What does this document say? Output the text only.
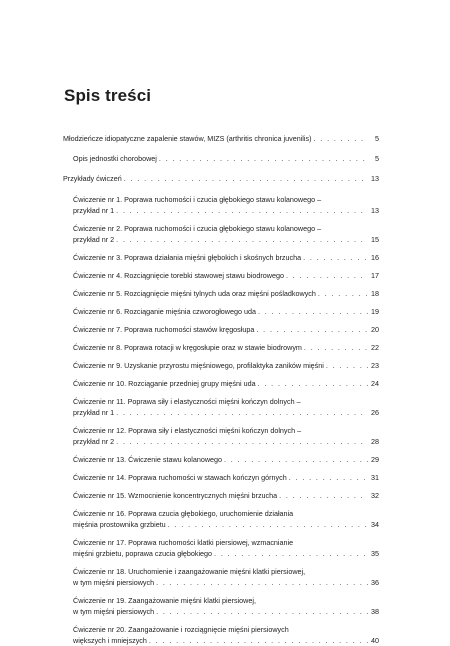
Spis treści
Młodzieńcze idiopatyczne zapalenie stawów, MIZS (arthritis chronica juvenilis) . . .	5
Opis jednostki chorobowej . . .	5
Przykłady ćwiczeń . . .	13
Ćwiczenie nr 1. Poprawa ruchomości i czucia głębokiego stawu kolanowego –
przykład nr 1 . . .	13
Ćwiczenie nr 2. Poprawa ruchomości i czucia głębokiego stawu kolanowego –
przykład nr 2 . . .	15
Ćwiczenie nr 3. Poprawa działania mięśni głębokich i skośnych brzucha . . .	16
Ćwiczenie nr 4. Rozciągnięcie torebki stawowej stawu biodrowego . . .	17
Ćwiczenie nr 5. Rozciągnięcie mięśni tylnych uda oraz mięśni pośladkowych . . .	18
Ćwiczenie nr 6. Rozciąganie mięśnia czworogłowego uda . . .	19
Ćwiczenie nr 7. Poprawa ruchomości stawów kręgosłupa . . .	20
Ćwiczenie nr 8. Poprawa rotacji w kręgosłupie oraz w stawie biodrowym . . .	22
Ćwiczenie nr 9. Uzyskanie przyrostu mięśniowego, profilaktyka zaników mięśni . . .	23
Ćwiczenie nr 10. Rozciąganie przedniej grupy mięśni uda . . .	24
Ćwiczenie nr 11. Poprawa siły i elastyczności mięśni kończyn dolnych –
przykład nr 1 . . .	26
Ćwiczenie nr 12. Poprawa siły i elastyczności mięśni kończyn dolnych –
przykład nr 2 . . .	28
Ćwiczenie nr 13. Ćwiczenie stawu kolanowego . . .	29
Ćwiczenie nr 14. Poprawa ruchomości w stawach kończyn górnych . . .	31
Ćwiczenie nr 15. Wzmocnienie koncentrycznych mięśni brzucha . . .	32
Ćwiczenie nr 16. Poprawa czucia głębokiego, uruchomienie działania
mięśnia prostownika grzbietu . . .	34
Ćwiczenie nr 17. Poprawa ruchomości klatki piersiowej, wzmacnianie
mięśni grzbietu, poprawa czucia głębokiego . . .	35
Ćwiczenie nr 18. Uruchomienie i zaangażowanie mięśni klatki piersiowej,
w tym mięśni piersiowych . . .	36
Ćwiczenie nr 19. Zaangażowanie mięśni klatki piersiowej,
w tym mięśni piersiowych . . .	38
Ćwiczenie nr 20. Zaangażowanie i rozciągnięcie mięśni piersiowych
większych i mniejszych . . .	40
